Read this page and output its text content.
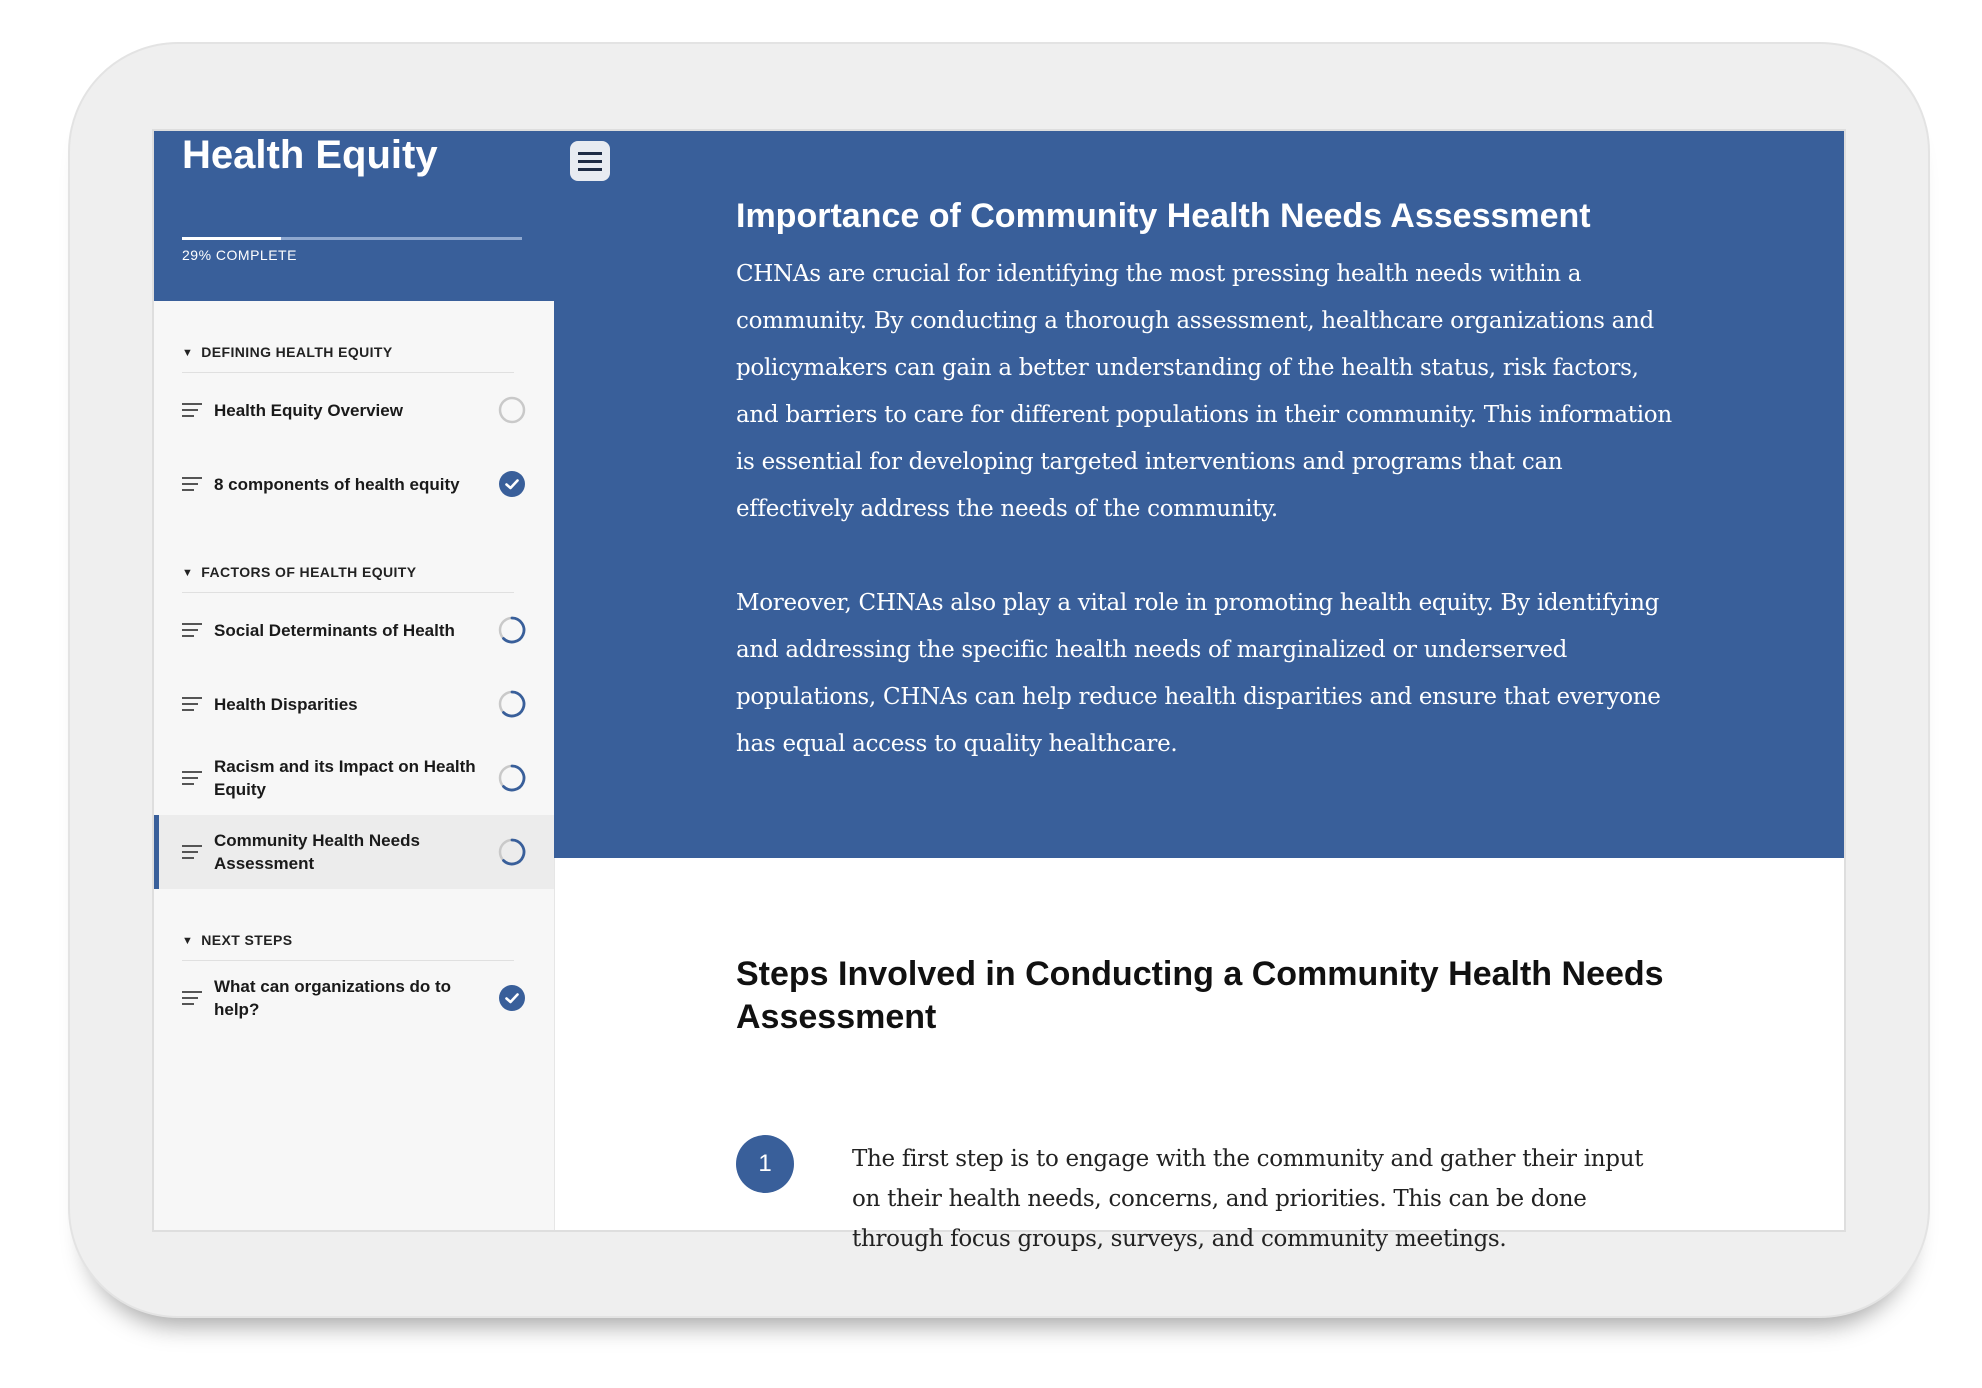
Health Equity
29% COMPLETE
▼ DEFINING HEALTH EQUITY
Health Equity Overview
8 components of health equity
▼ FACTORS OF HEALTH EQUITY
Social Determinants of Health
Health Disparities
Racism and its Impact on Health Equity
Community Health Needs Assessment
▼ NEXT STEPS
What can organizations do to help?
Importance of Community Health Needs Assessment

CHNAs are crucial for identifying the most pressing health needs within a community. By conducting a thorough assessment, healthcare organizations and policymakers can gain a better understanding of the health status, risk factors, and barriers to care for different populations in their community. This information is essential for developing targeted interventions and programs that can effectively address the needs of the community.

Moreover, CHNAs also play a vital role in promoting health equity. By identifying and addressing the specific health needs of marginalized or underserved populations, CHNAs can help reduce health disparities and ensure that everyone has equal access to quality healthcare.

Steps Involved in Conducting a Community Health Needs Assessment
1	The first step is to engage with the community and gather their input on their health needs, concerns, and priorities. This can be done through focus groups, surveys, and community meetings.
